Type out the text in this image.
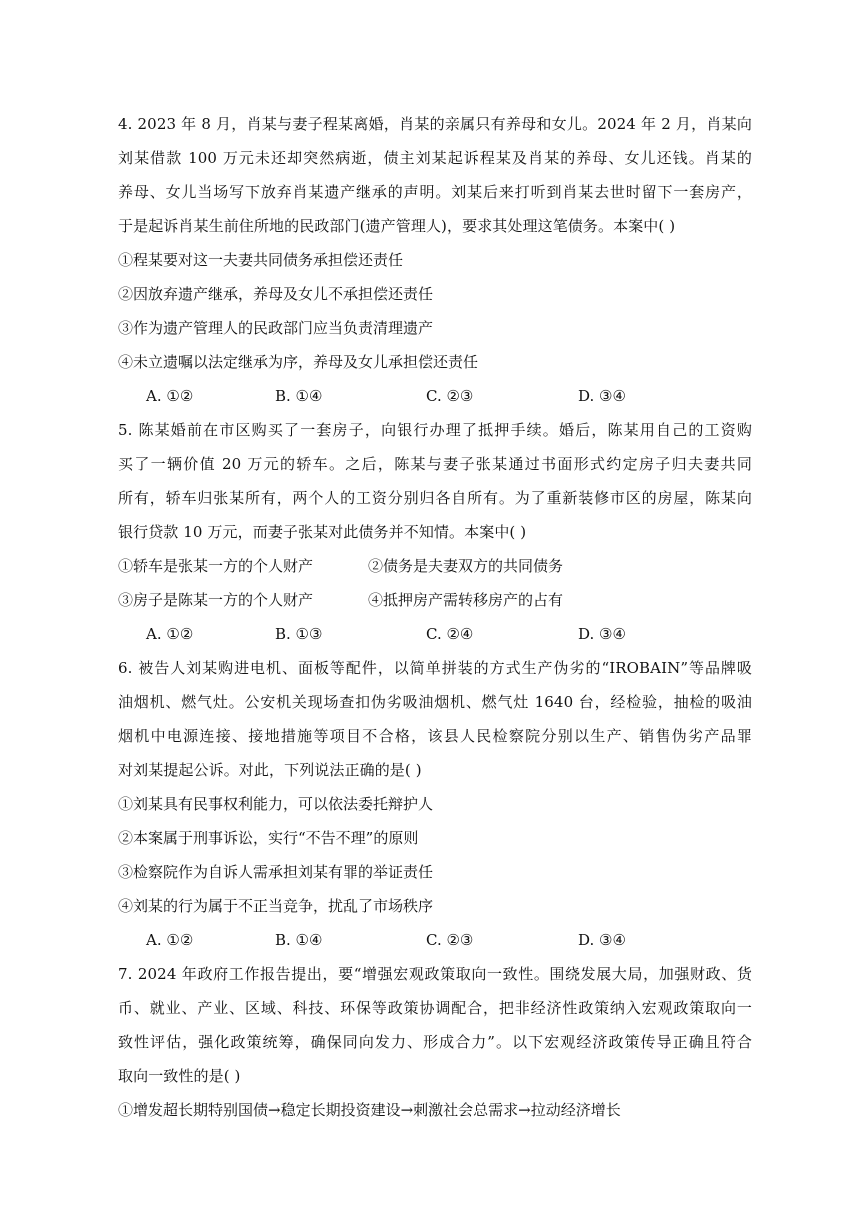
4. 2023 年 8 月，肖某与妻子程某离婚，肖某的亲属只有养母和女儿。2024 年 2 月，肖某向
刘某借款 100 万元未还却突然病逝，债主刘某起诉程某及肖某的养母、女儿还钱。肖某的
养母、女儿当场写下放弃肖某遗产继承的声明。刘某后来打听到肖某去世时留下一套房产，
于是起诉肖某生前住所地的民政部门(遗产管理人)，要求其处理这笔债务。本案中( )
①程某要对这一夫妻共同债务承担偿还责任
②因放弃遗产继承，养母及女儿不承担偿还责任
③作为遗产管理人的民政部门应当负责清理遗产
④未立遗嘱以法定继承为序，养母及女儿承担偿还责任
A. ①②	B. ①④	C. ②③	D. ③④
5. 陈某婚前在市区购买了一套房子，向银行办理了抵押手续。婚后，陈某用自己的工资购
买了一辆价值 20 万元的轿车。之后，陈某与妻子张某通过书面形式约定房子归夫妻共同
所有，轿车归张某所有，两个人的工资分别归各自所有。为了重新装修市区的房屋，陈某向
银行贷款 10 万元，而妻子张某对此债务并不知情。本案中( )
①轿车是张某一方的个人财产	②债务是夫妻双方的共同债务
③房子是陈某一方的个人财产	④抵押房产需转移房产的占有
A. ①②	B. ①③	C. ②④	D. ③④
6. 被告人刘某购进电机、面板等配件，以简单拼装的方式生产伪劣的“IROBAIN”等品牌吸
油烟机、燃气灶。公安机关现场查扣伪劣吸油烟机、燃气灶 1640 台，经检验，抽检的吸油
烟机中电源连接、接地措施等项目不合格，该县人民检察院分别以生产、销售伪劣产品罪
对刘某提起公诉。对此，下列说法正确的是( )
①刘某具有民事权利能力，可以依法委托辩护人
②本案属于刑事诉讼，实行“不告不理”的原则
③检察院作为自诉人需承担刘某有罪的举证责任
④刘某的行为属于不正当竞争，扰乱了市场秩序
A. ①②	B. ①④	C. ②③	D. ③④
7. 2024 年政府工作报告提出，要“增强宏观政策取向一致性。围绕发展大局，加强财政、货
币、就业、产业、区域、科技、环保等政策协调配合，把非经济性政策纳入宏观政策取向一
致性评估，强化政策统筹，确保同向发力、形成合力”。以下宏观经济政策传导正确且符合
取向一致性的是( )
①增发超长期特别国债→稳定长期投资建设→刺激社会总需求→拉动经济增长
